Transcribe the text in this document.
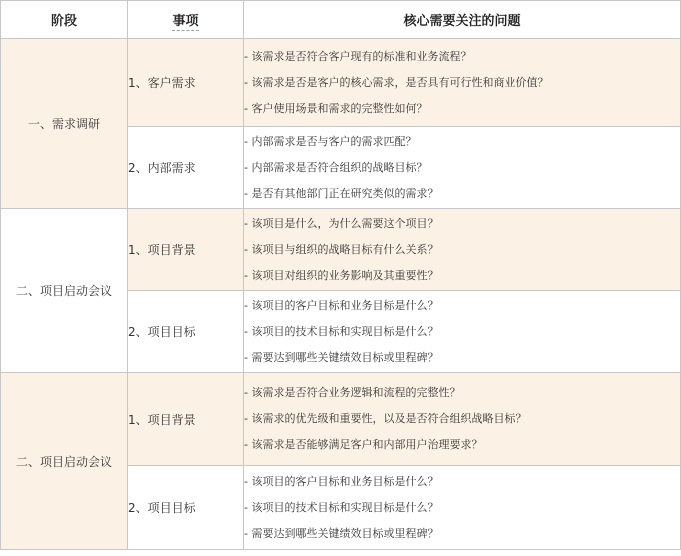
阶段	事项	核心需要关注的问题
一、需求调研	1、客户需求	- 该需求是否符合客户现有的标准和业务流程？
- 该需求是否是客户的核心需求，是否具有可行性和商业价值？
- 客户使用场景和需求的完整性如何？

	2、内部需求	- 内部需求是否与客户的需求匹配？
- 内部需求是否符合组织的战略目标？
- 是否有其他部门正在研究类似的需求？

二、项目启动会议	1、项目背景	- 该项目是什么，为什么需要这个项目？
- 该项目与组织的战略目标有什么关系？
- 该项目对组织的业务影响及其重要性？

	2、项目目标	- 该项目的客户目标和业务目标是什么？
- 该项目的技术目标和实现目标是什么？
- 需要达到哪些关键绩效目标或里程碑？

二、项目启动会议	1、项目背景	- 该需求是否符合业务逻辑和流程的完整性？
- 该需求的优先级和重要性，以及是否符合组织战略目标？
- 该需求是否能够满足客户和内部用户治理要求？

	2、项目目标	- 该项目的客户目标和业务目标是什么？
- 该项目的技术目标和实现目标是什么？
- 需要达到哪些关键绩效目标或里程碑？
